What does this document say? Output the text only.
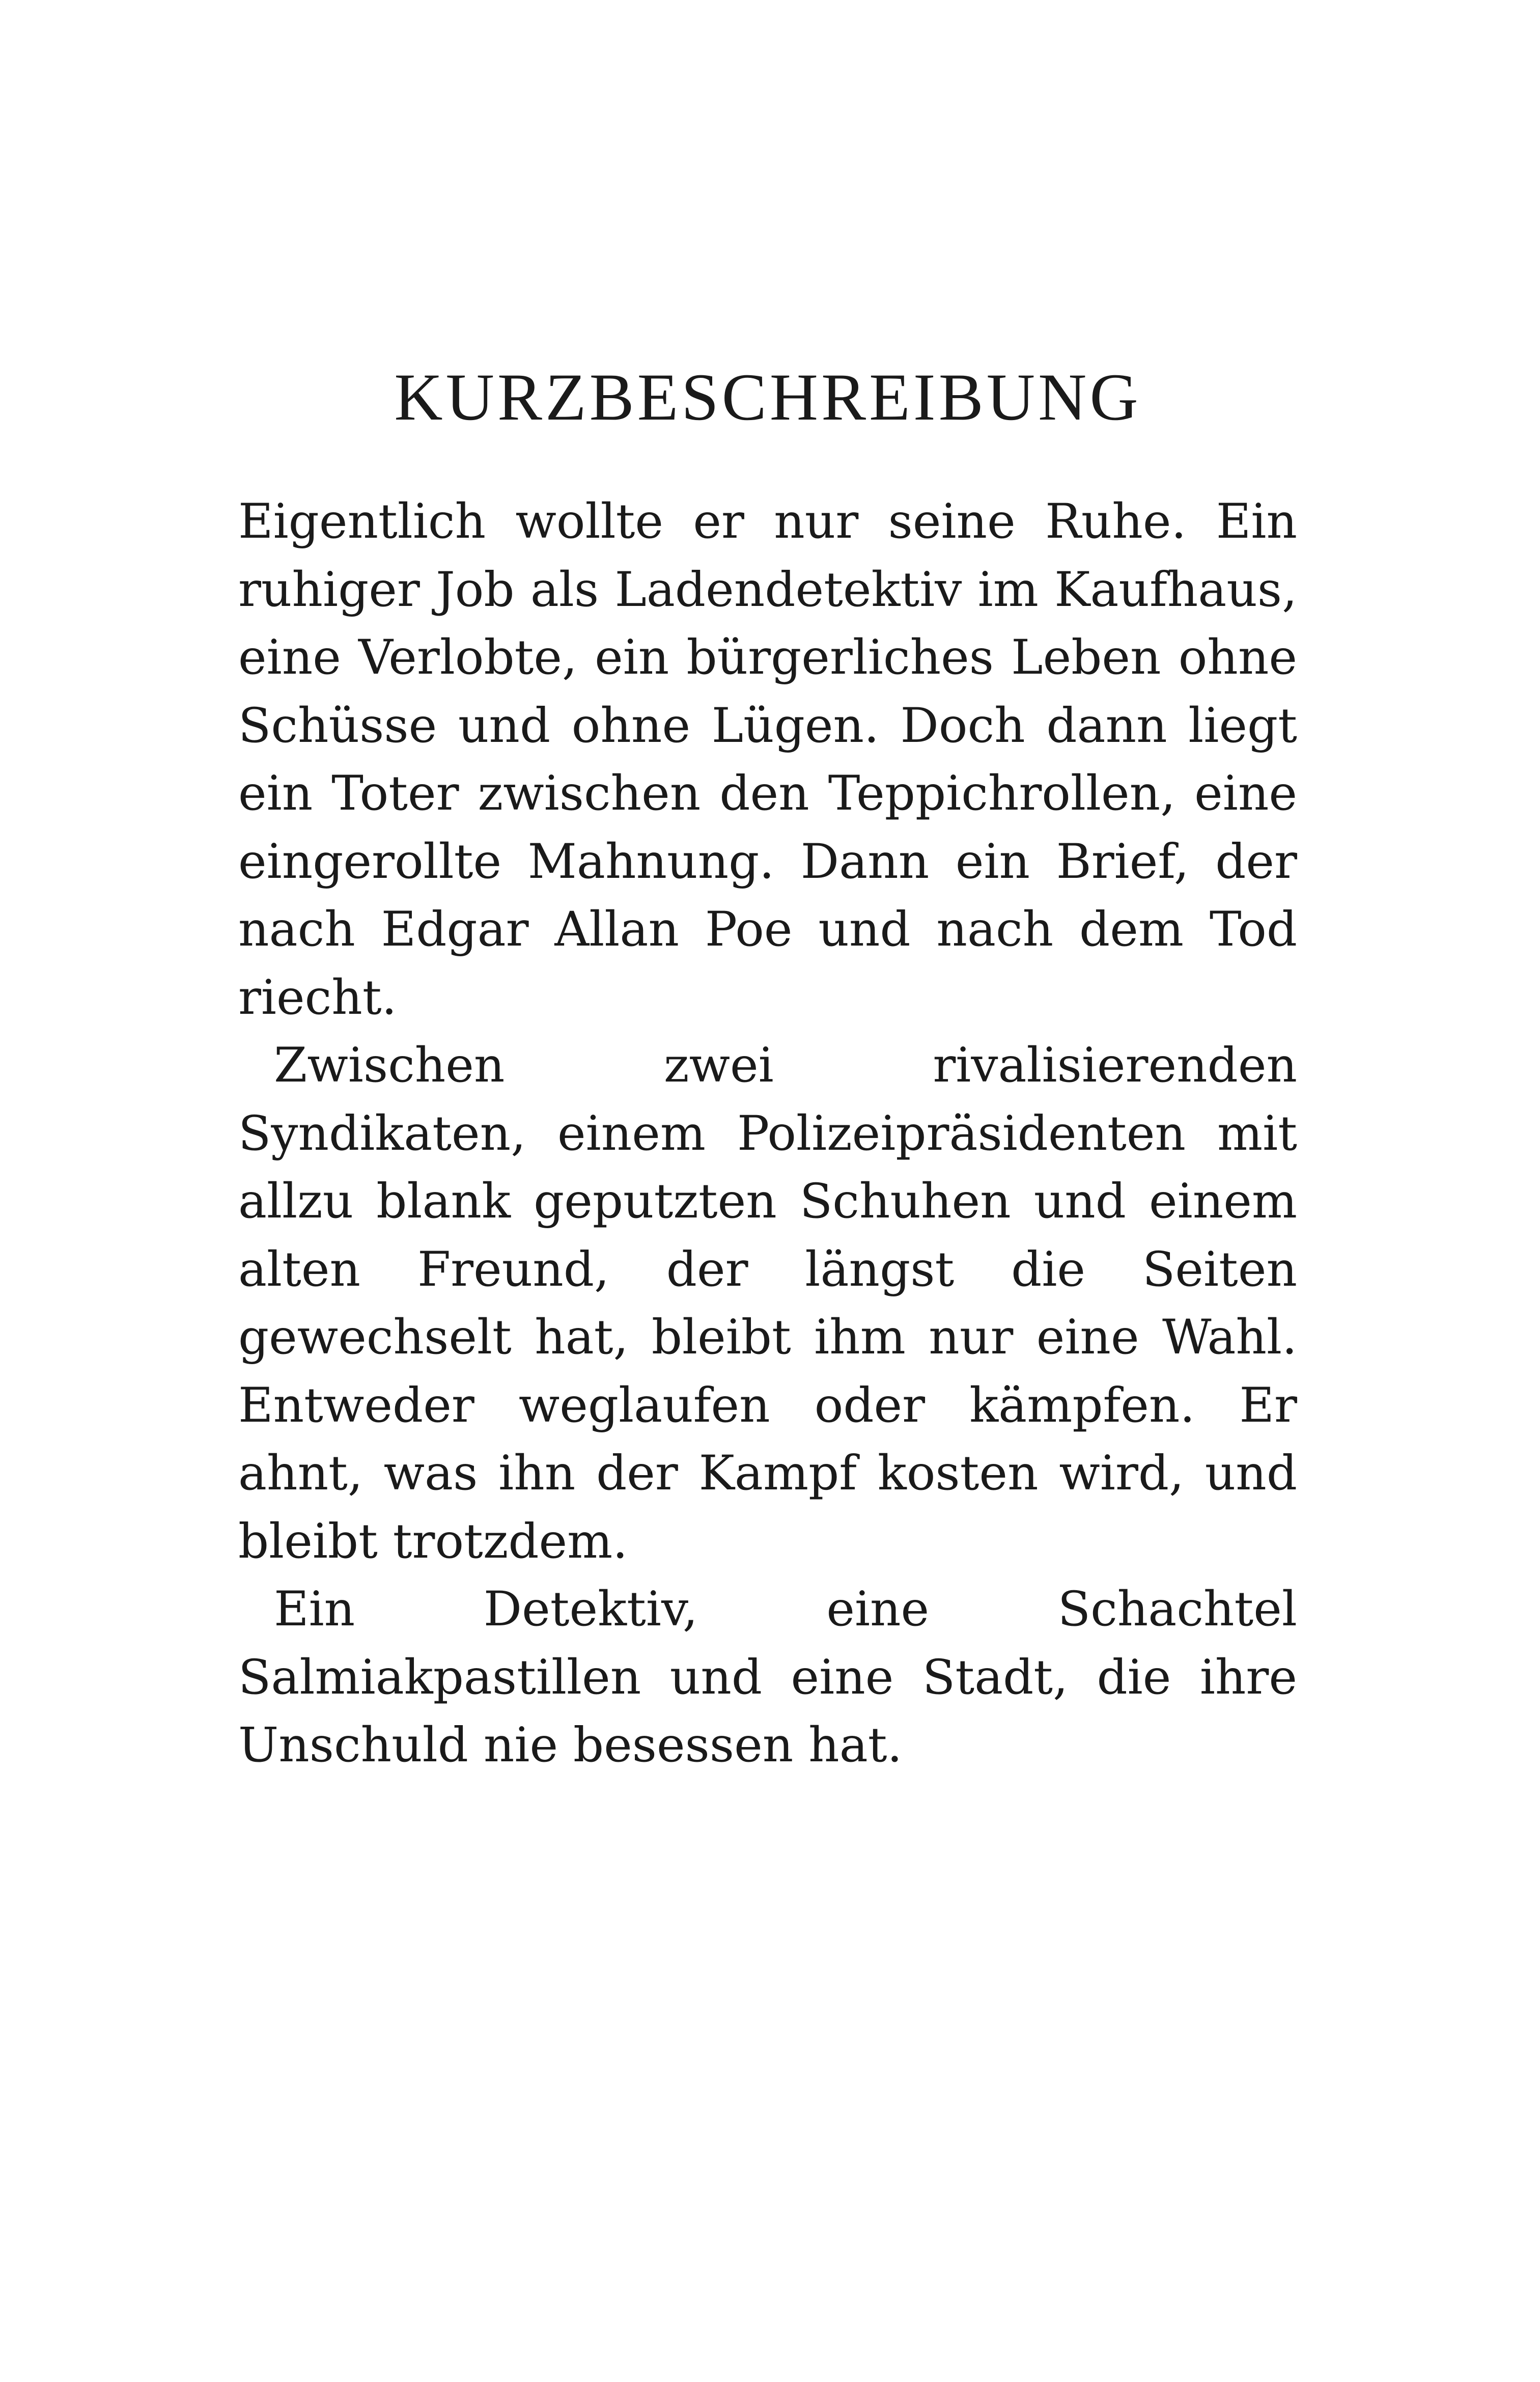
KURZBESCHREIBUNG

Eigentlich wollte er nur seine Ruhe. Ein ruhiger Job als Ladendetektiv im Kaufhaus, eine Verlobte, ein bürgerliches Leben ohne Schüsse und ohne Lügen. Doch dann liegt ein Toter zwischen den Teppichrollen, eine eingerollte Mahnung. Dann ein Brief, der nach Edgar Allan Poe und nach dem Tod riecht.

Zwischen zwei rivalisierenden Syndikaten, einem Polizeipräsidenten mit allzu blank geputzten Schuhen und einem alten Freund, der längst die Seiten gewechselt hat, bleibt ihm nur eine Wahl. Entweder weglaufen oder kämpfen. Er ahnt, was ihn der Kampf kosten wird, und bleibt trotzdem.

Ein Detektiv, eine Schachtel Salmiakpastillen und eine Stadt, die ihre Unschuld nie besessen hat.
